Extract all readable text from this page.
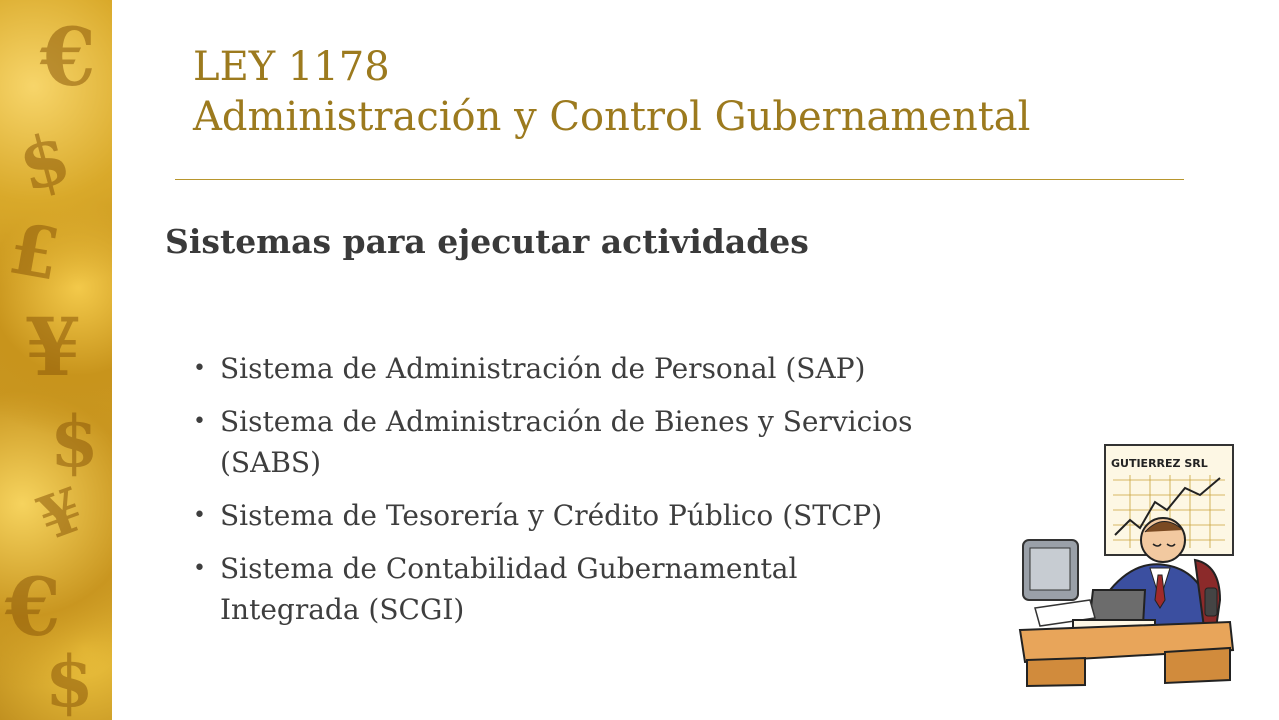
$
€
£
¥
$
¥
€
$
LEY 1178
Administración y Control Gubernamental
Sistemas para ejecutar actividades
• Sistema de Administración de Personal (SAP)
• Sistema de Administración de Bienes y Servicios
(SABS)
• Sistema de Tesorería y Crédito Público (STCP)
• Sistema de Contabilidad Gubernamental
Integrada (SCGI)
GUTIERREZ SRL
